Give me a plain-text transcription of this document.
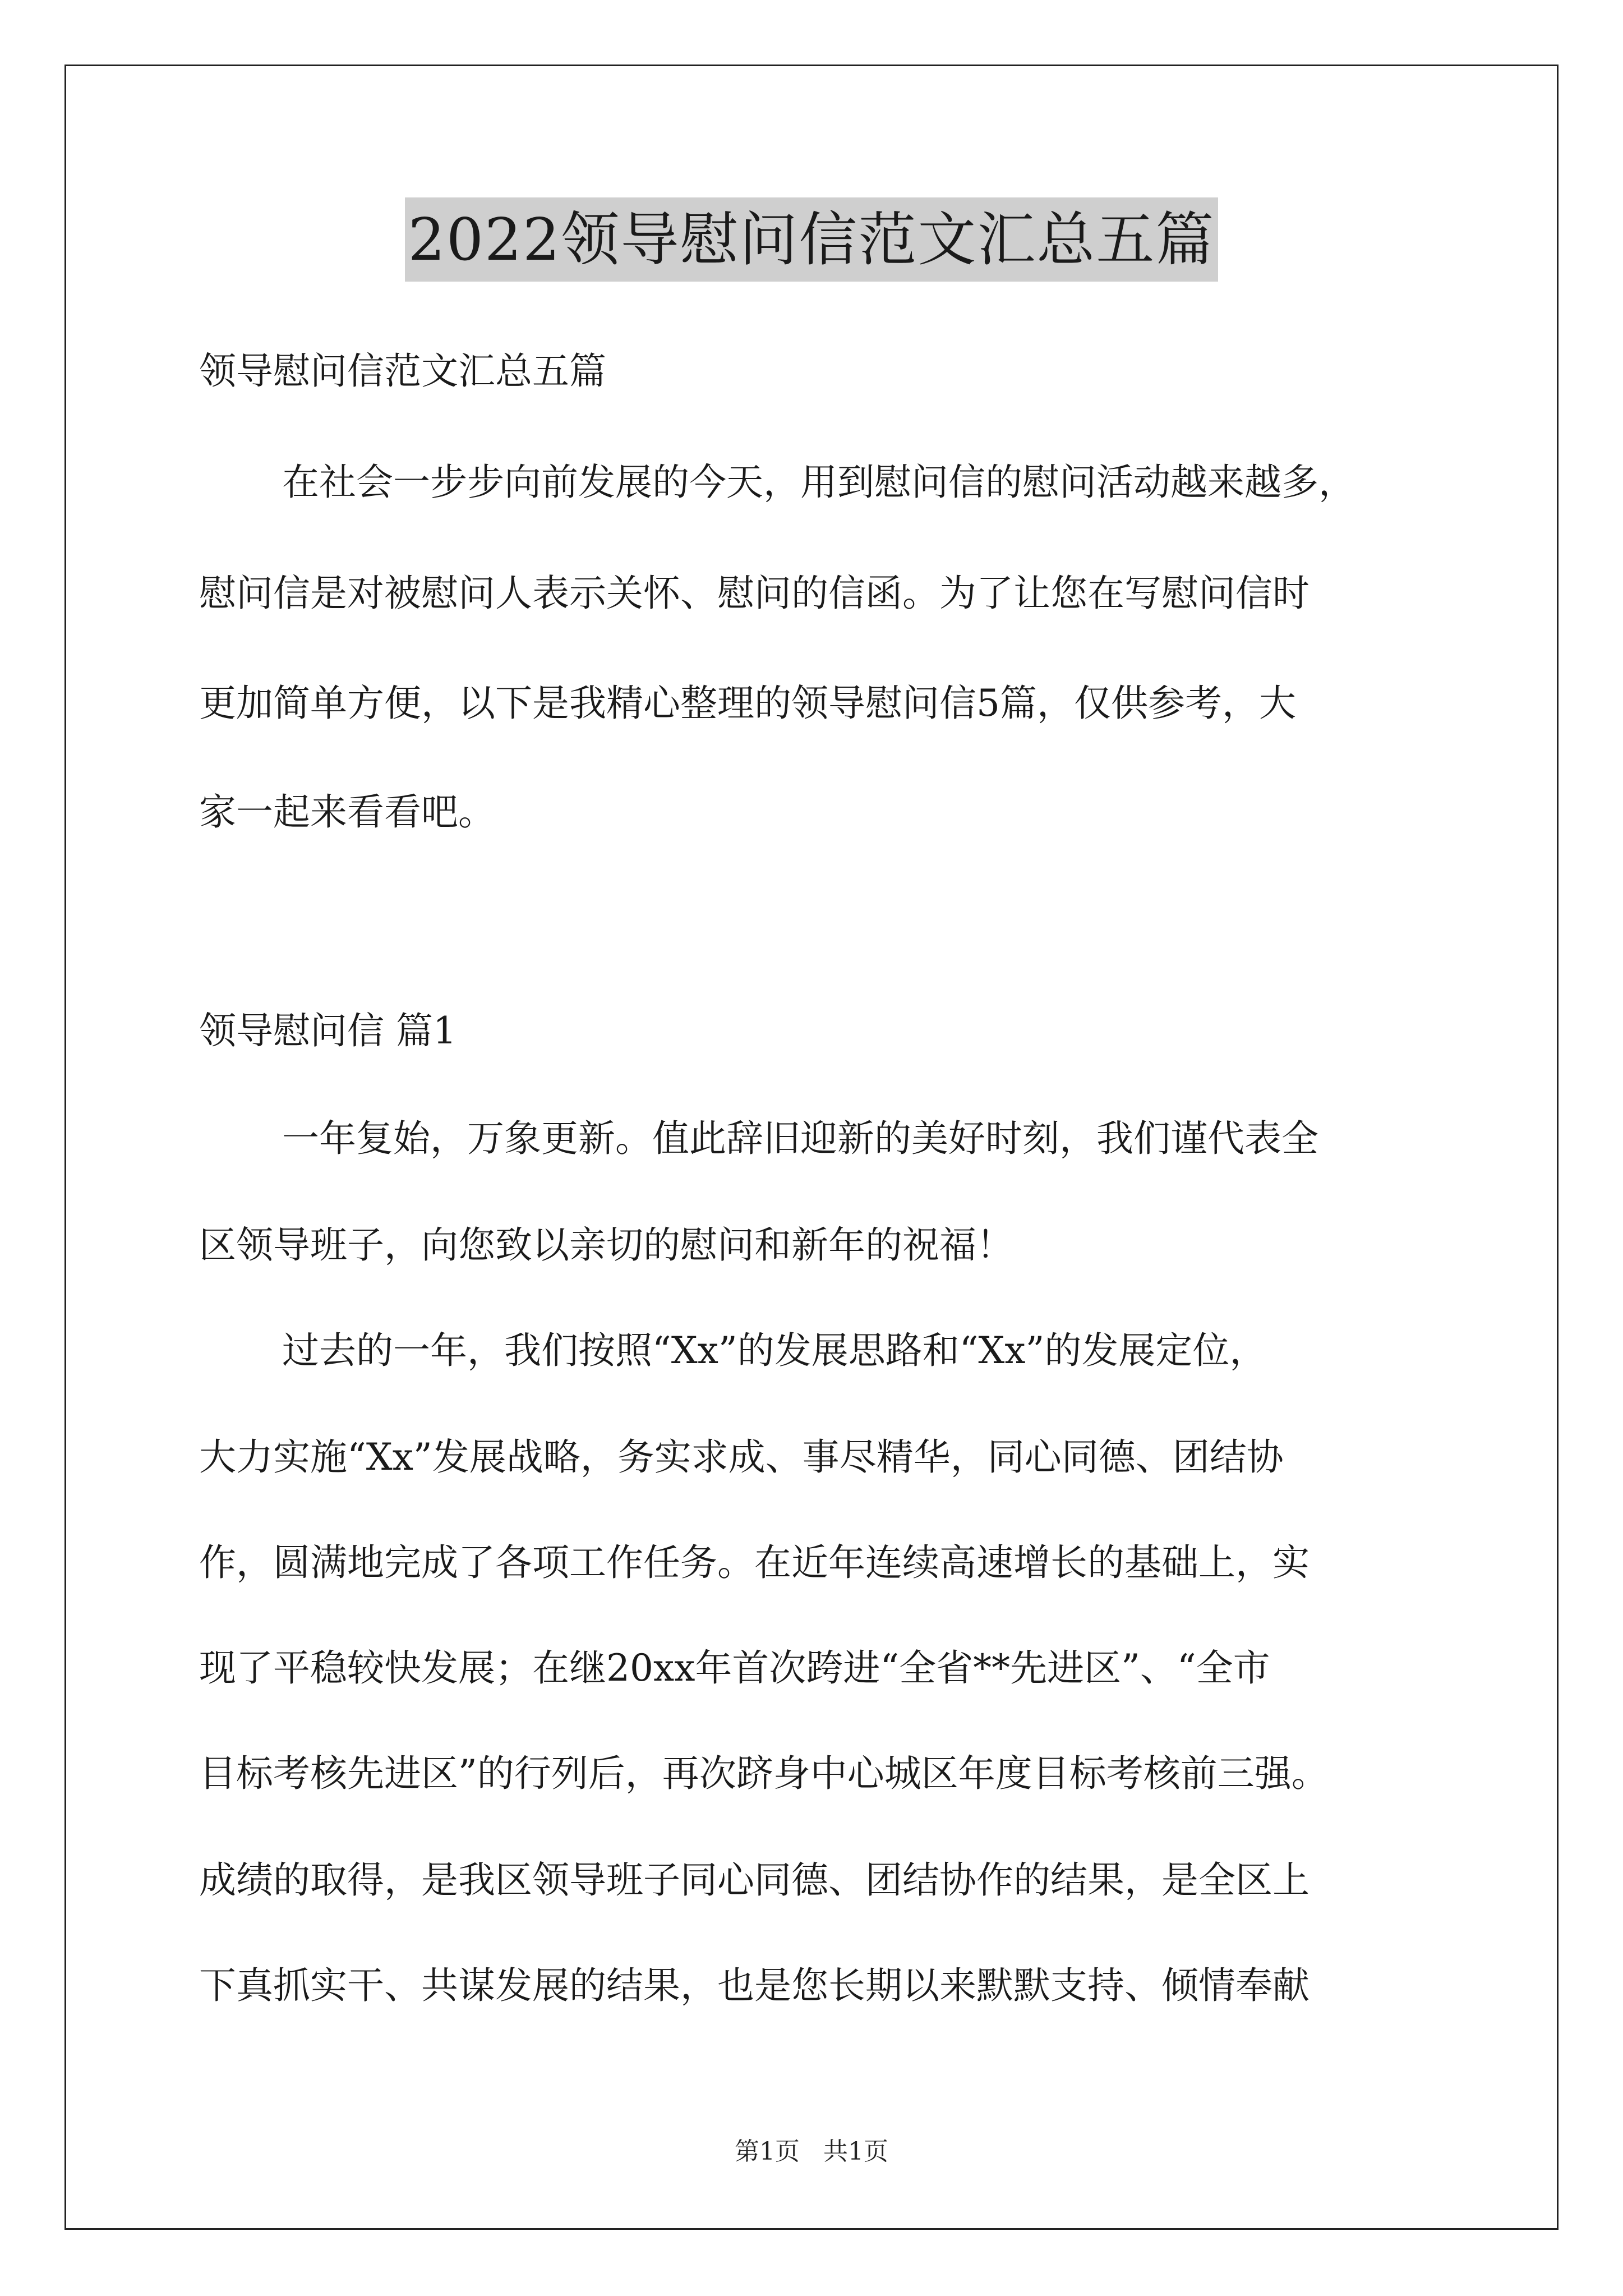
2022领导慰问信范文汇总五篇
领导慰问信范文汇总五篇
在社会一步步向前发展的今天，用到慰问信的慰问活动越来越多，
慰问信是对被慰问人表示关怀、慰问的信函。为了让您在写慰问信时
更加简单方便，以下是我精心整理的领导慰问信5篇，仅供参考，大
家一起来看看吧。
领导慰问信 篇1
一年复始，万象更新。值此辞旧迎新的美好时刻，我们谨代表全
区领导班子，向您致以亲切的慰问和新年的祝福！
过去的一年，我们按照“Xx”的发展思路和“Xx”的发展定位，
大力实施“Xx”发展战略，务实求成、事尽精华，同心同德、团结协
作，圆满地完成了各项工作任务。在近年连续高速增长的基础上，实
现了平稳较快发展；在继20xx年首次跨进“全省**先进区”、“全市
目标考核先进区”的行列后，再次跻身中心城区年度目标考核前三强。
成绩的取得，是我区领导班子同心同德、团结协作的结果，是全区上
下真抓实干、共谋发展的结果，也是您长期以来默默支持、倾情奉献
第1页 共1页
